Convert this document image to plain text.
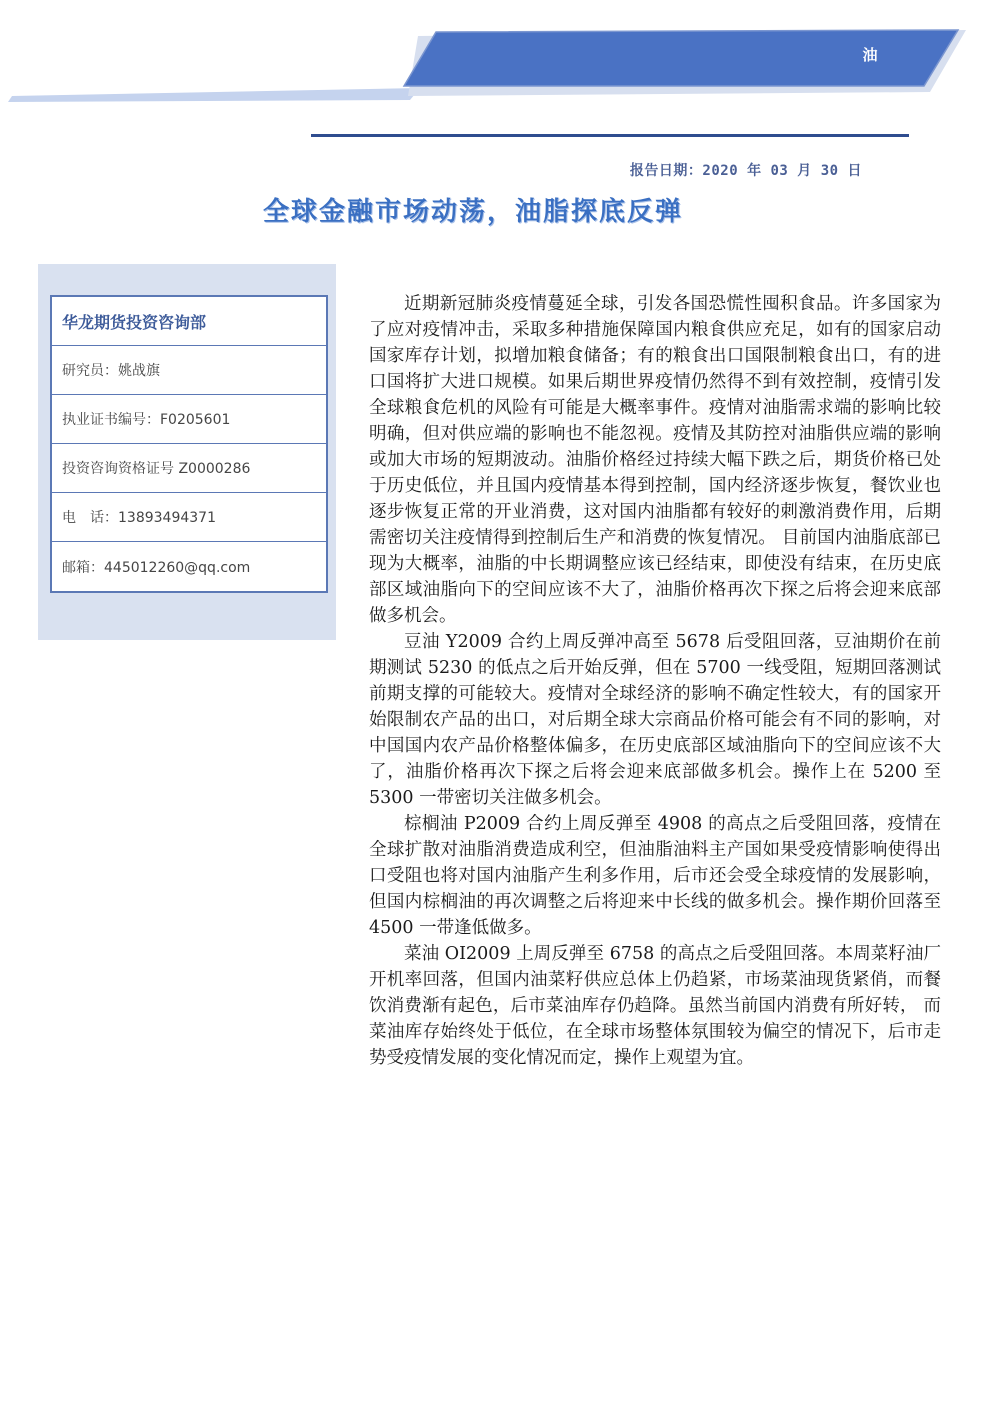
油
报告日期：2020 年 03 月 30 日
全球金融市场动荡，油脂探底反弹
华龙期货投资咨询部
研究员：姚战旗
执业证书编号：F0205601
投资咨询资格证号 Z0000286
电　话：13893494371
邮箱：445012260@qq.com

近期新冠肺炎疫情蔓延全球，引发各国恐慌性囤积食品。许多国家为了应对疫情冲击，采取多种措施保障国内粮食供应充足，如有的国家启动国家库存计划，拟增加粮食储备；有的粮食出口国限制粮食出口，有的进口国将扩大进口规模。如果后期世界疫情仍然得不到有效控制，疫情引发全球粮食危机的风险有可能是大概率事件。疫情对油脂需求端的影响比较明确，但对供应端的影响也不能忽视。疫情及其防控对油脂供应端的影响或加大市场的短期波动。油脂价格经过持续大幅下跌之后，期货价格已处于历史低位，并且国内疫情基本得到控制，国内经济逐步恢复，餐饮业也逐步恢复正常的开业消费，这对国内油脂都有较好的刺激消费作用，后期需密切关注疫情得到控制后生产和消费的恢复情况。 目前国内油脂底部已现为大概率，油脂的中长期调整应该已经结束，即使没有结束，在历史底部区域油脂向下的空间应该不大了，油脂价格再次下探之后将会迎来底部做多机会。

豆油 Y2009 合约上周反弹冲高至 5678 后受阻回落，豆油期价在前期测试 5230 的低点之后开始反弹，但在 5700 一线受阻，短期回落测试前期支撑的可能较大。疫情对全球经济的影响不确定性较大，有的国家开始限制农产品的出口，对后期全球大宗商品价格可能会有不同的影响，对中国国内农产品价格整体偏多，在历史底部区域油脂向下的空间应该不大了，油脂价格再次下探之后将会迎来底部做多机会。操作上在 5200 至 5300 一带密切关注做多机会。

棕榈油 P2009 合约上周反弹至 4908 的高点之后受阻回落，疫情在全球扩散对油脂消费造成利空，但油脂油料主产国如果受疫情影响使得出口受阻也将对国内油脂产生利多作用，后市还会受全球疫情的发展影响，但国内棕榈油的再次调整之后将迎来中长线的做多机会。操作期价回落至 4500 一带逢低做多。

菜油 OI2009 上周反弹至 6758 的高点之后受阻回落。本周菜籽油厂开机率回落，但国内油菜籽供应总体上仍趋紧，市场菜油现货紧俏，而餐饮消费渐有起色，后市菜油库存仍趋降。虽然当前国内消费有所好转， 而菜油库存始终处于低位，在全球市场整体氛围较为偏空的情况下，后市走势受疫情发展的变化情况而定，操作上观望为宜。
